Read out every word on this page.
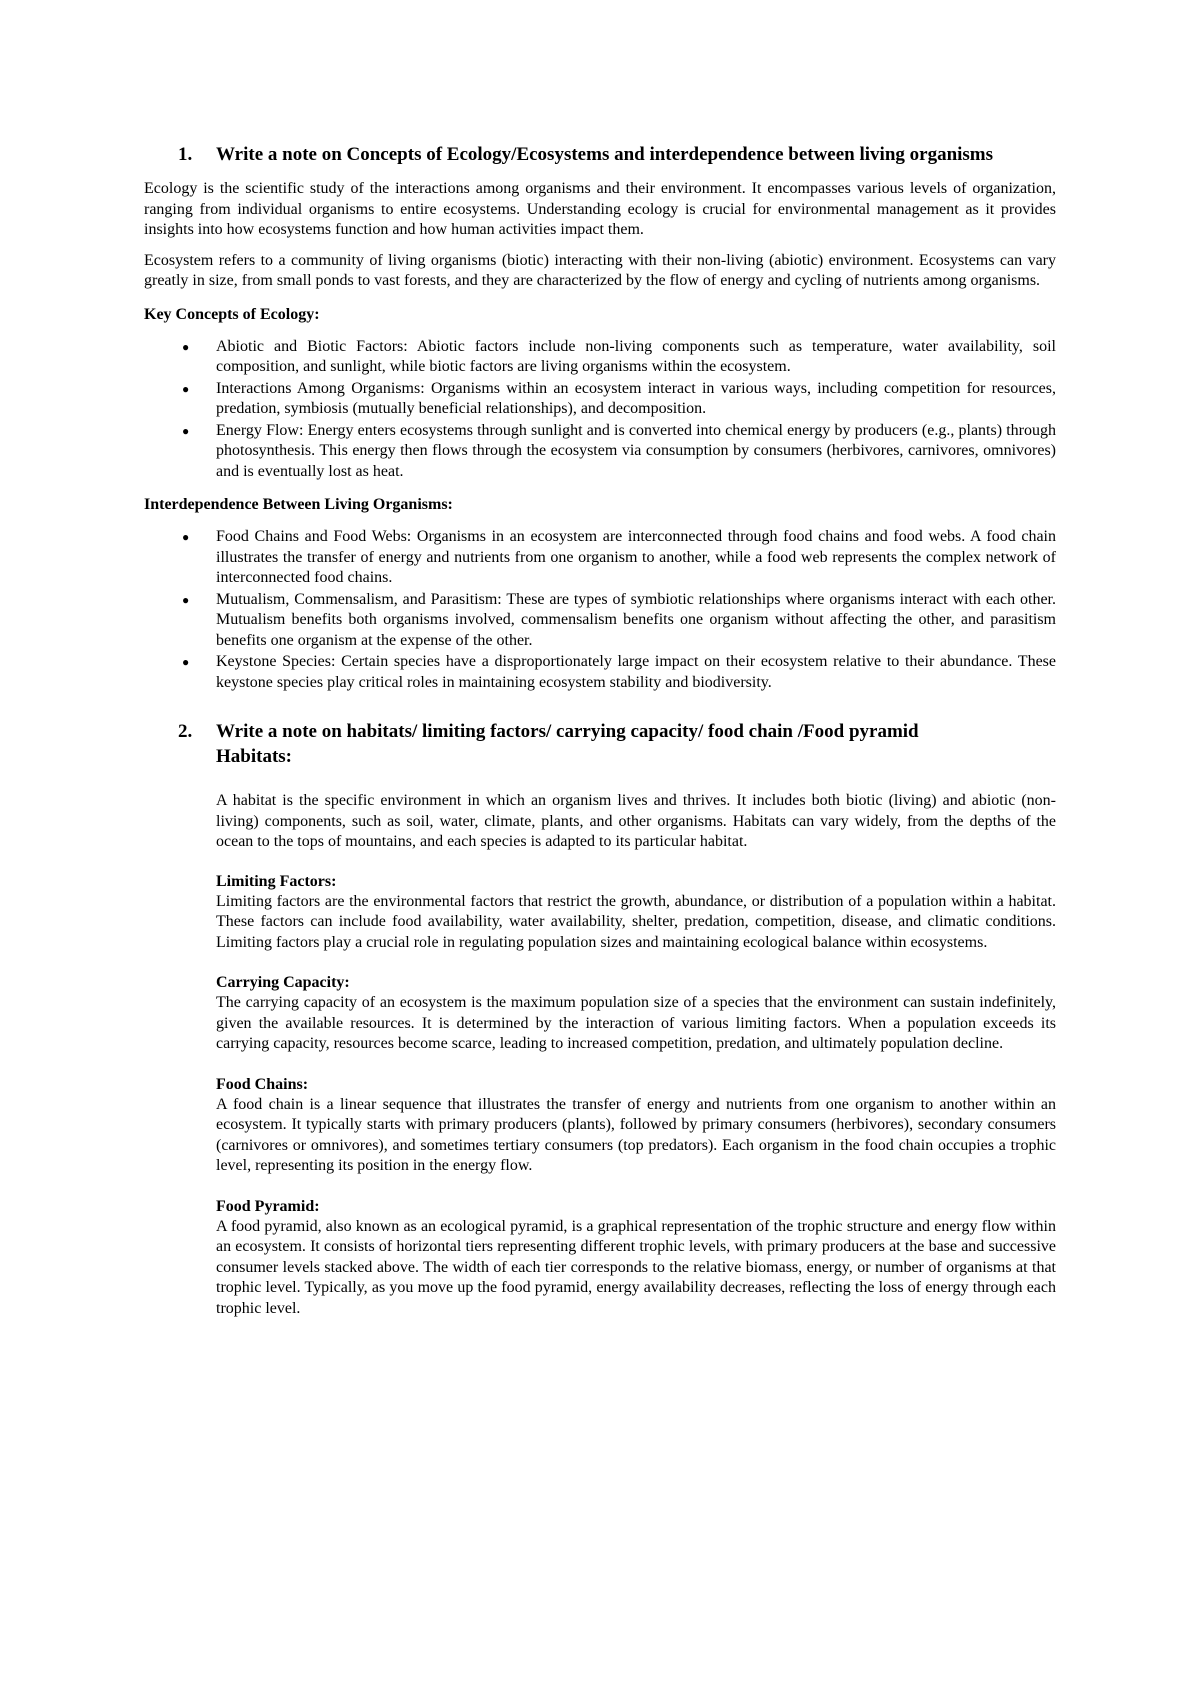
1.	Write a note on Concepts of Ecology/Ecosystems and interdependence between living organisms

Ecology is the scientific study of the interactions among organisms and their environment. It encompasses various levels of organization, ranging from individual organisms to entire ecosystems. Understanding ecology is crucial for environmental management as it provides insights into how ecosystems function and how human activities impact them.

Ecosystem refers to a community of living organisms (biotic) interacting with their non-living (abiotic) environment. Ecosystems can vary greatly in size, from small ponds to vast forests, and they are characterized by the flow of energy and cycling of nutrients among organisms.

Key Concepts of Ecology:
●	Abiotic and Biotic Factors: Abiotic factors include non-living components such as temperature, water availability, soil composition, and sunlight, while biotic factors are living organisms within the ecosystem.
●	Interactions Among Organisms: Organisms within an ecosystem interact in various ways, including competition for resources, predation, symbiosis (mutually beneficial relationships), and decomposition.
●	Energy Flow: Energy enters ecosystems through sunlight and is converted into chemical energy by producers (e.g., plants) through photosynthesis. This energy then flows through the ecosystem via consumption by consumers (herbivores, carnivores, omnivores) and is eventually lost as heat.
Interdependence Between Living Organisms:
●	Food Chains and Food Webs: Organisms in an ecosystem are interconnected through food chains and food webs. A food chain illustrates the transfer of energy and nutrients from one organism to another, while a food web represents the complex network of interconnected food chains.
●	Mutualism, Commensalism, and Parasitism: These are types of symbiotic relationships where organisms interact with each other. Mutualism benefits both organisms involved, commensalism benefits one organism without affecting the other, and parasitism benefits one organism at the expense of the other.
●	Keystone Species: Certain species have a disproportionately large impact on their ecosystem relative to their abundance. These keystone species play critical roles in maintaining ecosystem stability and biodiversity.
2.	Write a note on habitats/ limiting factors/ carrying capacity/ food chain /Food pyramid
Habitats:

A habitat is the specific environment in which an organism lives and thrives. It includes both biotic (living) and abiotic (non-living) components, such as soil, water, climate, plants, and other organisms. Habitats can vary widely, from the depths of the ocean to the tops of mountains, and each species is adapted to its particular habitat.

Limiting Factors:

Limiting factors are the environmental factors that restrict the growth, abundance, or distribution of a population within a habitat. These factors can include food availability, water availability, shelter, predation, competition, disease, and climatic conditions. Limiting factors play a crucial role in regulating population sizes and maintaining ecological balance within ecosystems.

Carrying Capacity:

The carrying capacity of an ecosystem is the maximum population size of a species that the environment can sustain indefinitely, given the available resources. It is determined by the interaction of various limiting factors. When a population exceeds its carrying capacity, resources become scarce, leading to increased competition, predation, and ultimately population decline.

Food Chains:

A food chain is a linear sequence that illustrates the transfer of energy and nutrients from one organism to another within an ecosystem. It typically starts with primary producers (plants), followed by primary consumers (herbivores), secondary consumers (carnivores or omnivores), and sometimes tertiary consumers (top predators). Each organism in the food chain occupies a trophic level, representing its position in the energy flow.

Food Pyramid:

A food pyramid, also known as an ecological pyramid, is a graphical representation of the trophic structure and energy flow within an ecosystem. It consists of horizontal tiers representing different trophic levels, with primary producers at the base and successive consumer levels stacked above. The width of each tier corresponds to the relative biomass, energy, or number of organisms at that trophic level. Typically, as you move up the food pyramid, energy availability decreases, reflecting the loss of energy through each trophic level.
